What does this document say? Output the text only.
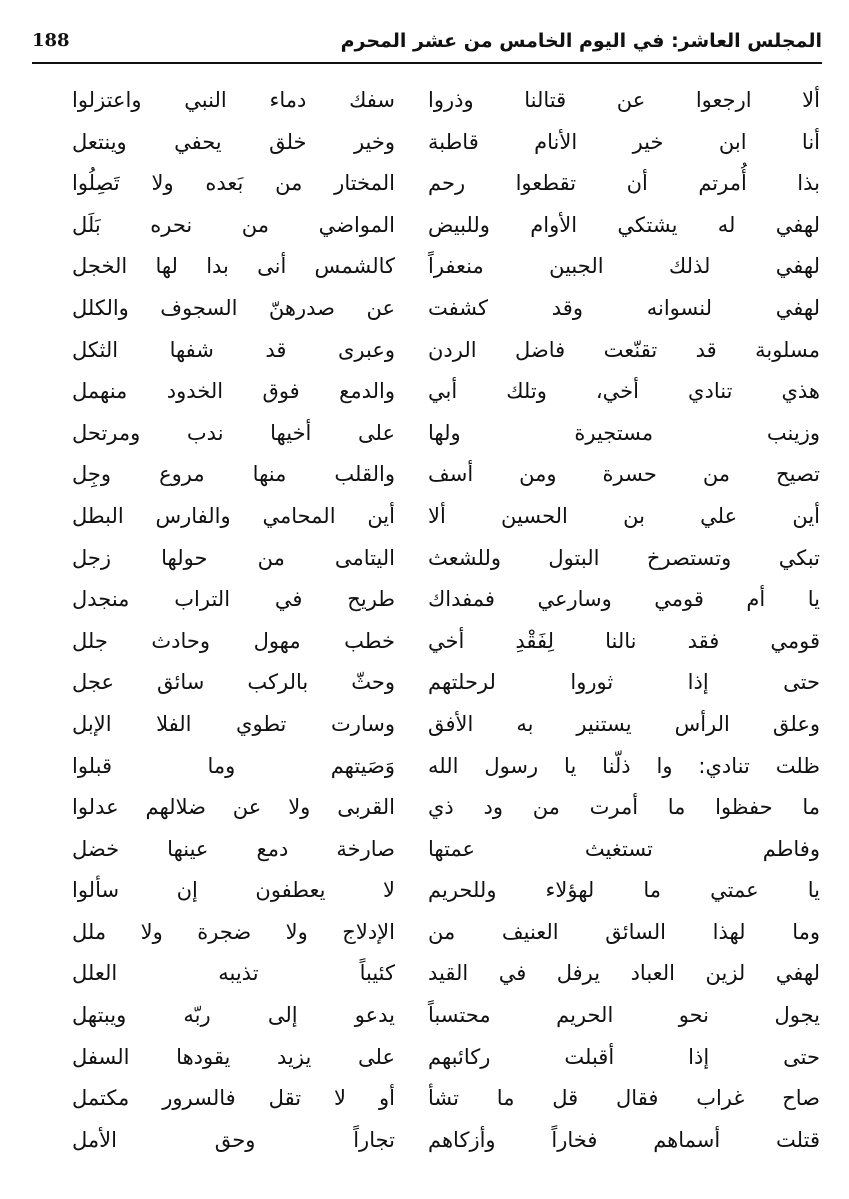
المجلس العاشر: في اليوم الخامس من عشر المحرم
188
ألا ارجعوا عن قتالنا وذروا
أنا ابن خير الأنام قاطبة
بذا أُمرتم أن تقطعوا رحم
لهفي له يشتكي الأوام وللبيض
لهفي لذلك الجبين منعفراً
لهفي لنسوانه وقد كشفت
مسلوبة قد تقنّعت فاضل الردن
هذي تنادي أخي، وتلك أبي
وزينب مستجيرة ولها
تصيح من حسرة ومن أسف
أين علي بن الحسين ألا
تبكي وتستصرخ البتول وللشعث
يا أم قومي وسارعي فمفداك
قومي فقد نالنا لِفَقْدِ أخي
حتى إذا ثوروا لرحلتهم
وعلق الرأس يستنير به الأفق
ظلت تنادي: وا ذلّنا يا رسول الله
ما حفظوا ما أمرت من ود ذي
وفاطم تستغيث عمتها
يا عمتي ما لهؤلاء وللحريم
وما لهذا السائق العنيف من
لهفي لزين العباد يرفل في القيد
يجول نحو الحريم محتسباً
حتى إذا أقبلت ركائبهم
صاح غراب فقال قل ما تشأ
قتلت أسماهم فخاراً وأزكاهم
سفك دماء النبي واعتزلوا
وخير خلق يحفي وينتعل
المختار من بَعده ولا تَصِلُوا
المواضي من نحره بَلَل
كالشمس أنى بدا لها الخجل
عن صدرهنّ السجوف والكلل
وعبرى قد شفها الثكل
والدمع فوق الخدود منهمل
على أخيها ندب ومرتحل
والقلب منها مروع وجِل
أين المحامي والفارس البطل
اليتامى من حولها زجل
طريح في التراب منجدل
خطب مهول وحادث جلل
وحثّ بالركب سائق عجل
وسارت تطوي الفلا الإبل
وَصَيتهم وما قبلوا
القربى ولا عن ضلالهم عدلوا
صارخة دمع عينها خضل
لا يعطفون إن سألوا
الإدلاج ولا ضجرة ولا ملل
كئيباً تذيبه العلل
يدعو إلى ربّه ويبتهل
على يزيد يقودها السفل
أو لا تقل فالسرور مكتمل
تجاراً وحق الأمل
